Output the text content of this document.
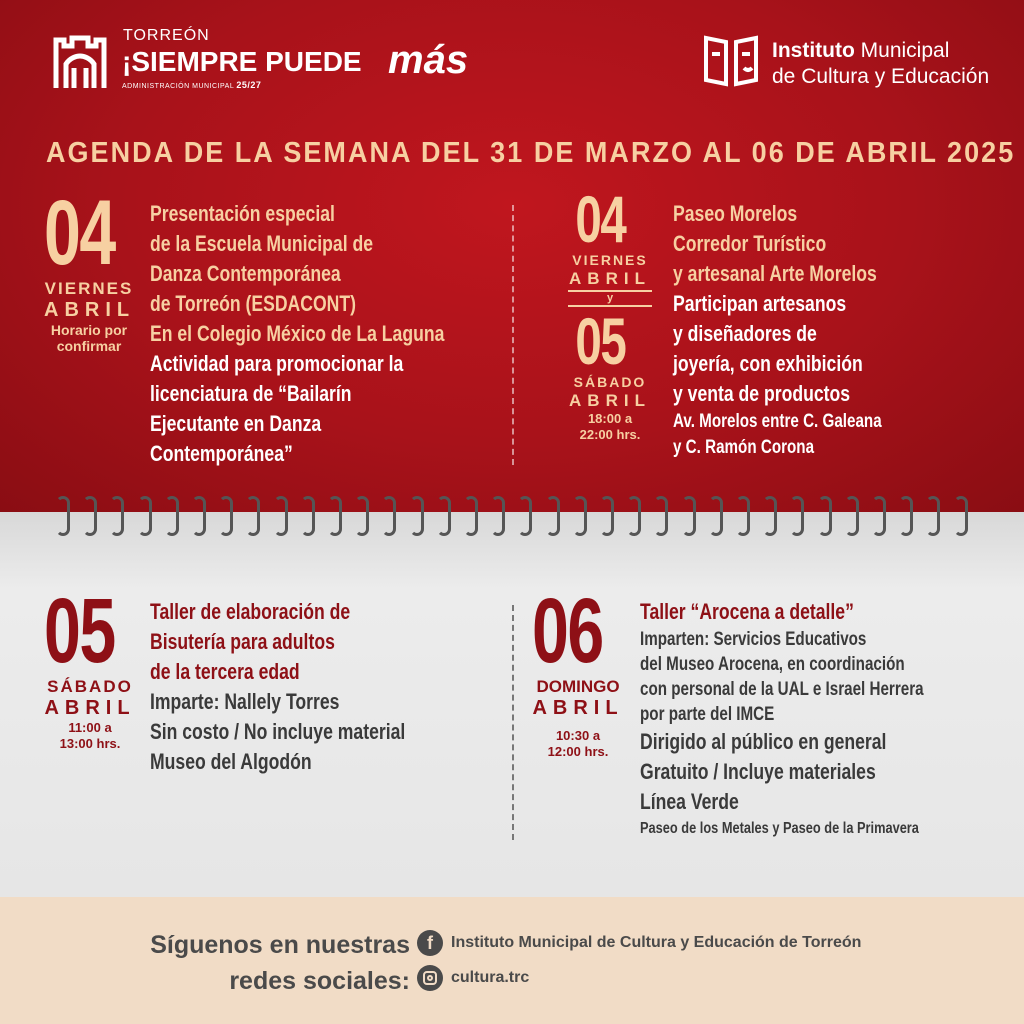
TORREÓN
¡SIEMPRE PUEDE más
ADMINISTRACIÓN MUNICIPAL 25/27
Instituto Municipal
de Cultura y Educación
AGENDA DE LA SEMANA DEL 31 DE MARZO AL 06 DE ABRIL 2025
04
VIERNES
ABRIL
Horario por
confirmar
Presentación especial
de la Escuela Municipal de
Danza Contemporánea
de Torreón (ESDACONT)
En el Colegio México de La Laguna
Actividad para promocionar la
licenciatura de “Bailarín
Ejecutante en Danza
Contemporánea”
04
VIERNES
ABRIL
y
05
SÁBADO
ABRIL
18:00 a
22:00 hrs.
Paseo Morelos
Corredor Turístico
y artesanal Arte Morelos
Participan artesanos
y diseñadores de
joyería, con exhibición
y venta de productos
Av. Morelos entre C. Galeana
y C. Ramón Corona
05
SÁBADO
ABRIL
11:00 a
13:00 hrs.
Taller de elaboración de
Bisutería para adultos
de la tercera edad
Imparte: Nallely Torres
Sin costo / No incluye material
Museo del Algodón
06
DOMINGO
ABRIL
10:30 a
12:00 hrs.
Taller “Arocena a detalle”
Imparten: Servicios Educativos
del Museo Arocena, en coordinación
con personal de la UAL e Israel Herrera
por parte del IMCE
Dirigido al público en general
Gratuito / Incluye materiales
Línea Verde
Paseo de los Metales y Paseo de la Primavera
Síguenos en nuestras
redes sociales:
f	Instituto Municipal de Cultura y Educación de Torreón
cultura.trc
